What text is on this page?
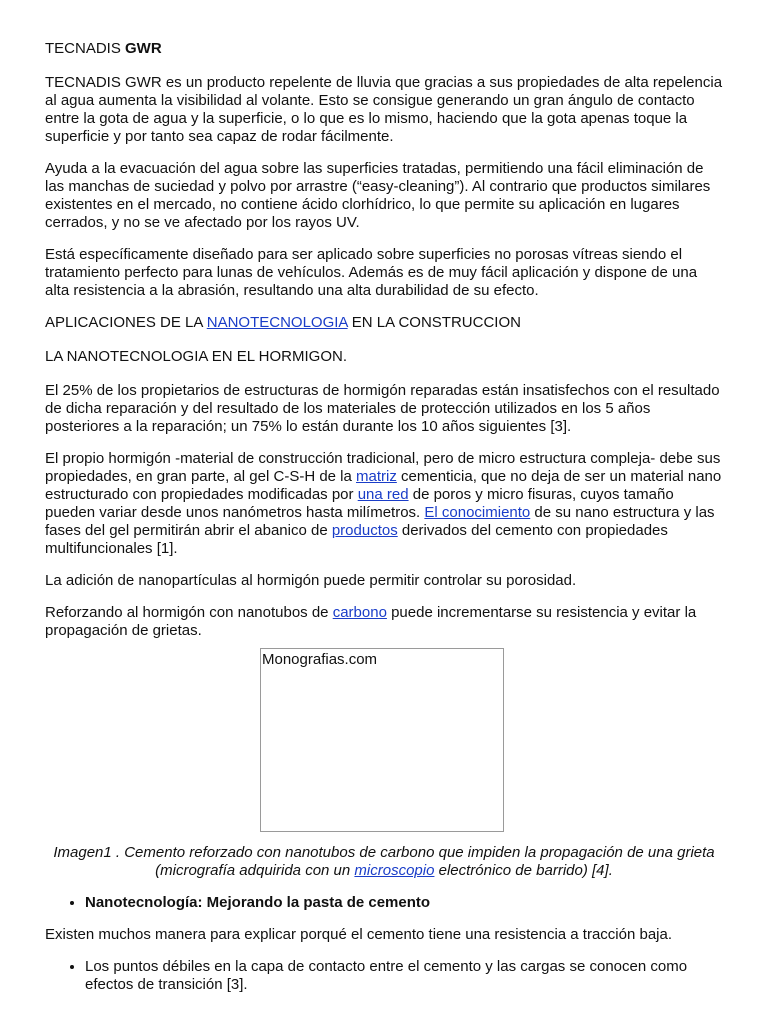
TECNADIS GWR

TECNADIS GWR es un producto repelente de lluvia que gracias a sus propiedades de alta repelencia al agua aumenta la visibilidad al volante. Esto se consigue generando un gran ángulo de contacto entre la gota de agua y la superficie, o lo que es lo mismo, haciendo que la gota apenas toque la superficie y por tanto sea capaz de rodar fácilmente.

Ayuda a la evacuación del agua sobre las superficies tratadas, permitiendo una fácil eliminación de las manchas de suciedad y polvo por arrastre (“easy-cleaning”). Al contrario que productos similares existentes en el mercado, no contiene ácido clorhídrico, lo que permite su aplicación en lugares cerrados, y no se ve afectado por los rayos UV.

Está específicamente diseñado para ser aplicado sobre superficies no porosas vítreas siendo el tratamiento perfecto para lunas de vehículos. Además es de muy fácil aplicación y dispone de una alta resistencia a la abrasión, resultando una alta durabilidad de su efecto.

APLICACIONES DE LA NANOTECNOLOGIA EN LA CONSTRUCCION

LA NANOTECNOLOGIA EN EL HORMIGON.

El 25% de los propietarios de estructuras de hormigón reparadas están insatisfechos con el resultado de dicha reparación y del resultado de los materiales de protección utilizados en los 5 años posteriores a la reparación; un 75% lo están durante los 10 años siguientes [3].

El propio hormigón -material de construcción tradicional, pero de micro estructura compleja- debe sus propiedades, en gran parte, al gel C-S-H de la matriz cementicia, que no deja de ser un material nano estructurado con propiedades modificadas por una red de poros y micro fisuras, cuyos tamaño pueden variar desde unos nanómetros hasta milímetros. El conocimiento de su nano estructura y las fases del gel permitirán abrir el abanico de productos derivados del cemento con propiedades multifuncionales [1].

La adición de nanopartículas al hormigón puede permitir controlar su porosidad.

Reforzando al hormigón con nanotubos de carbono puede incrementarse su resistencia y evitar la propagación de grietas.

Monografias.com

Imagen1 . Cemento reforzado con nanotubos de carbono que impiden la propagación de una grieta (micrografía adquirida con un microscopio electrónico de barrido) [4].

• Nanotecnología: Mejorando la pasta de cemento

Existen muchos manera para explicar porqué el cemento tiene una resistencia a tracción baja.

• Los puntos débiles en la capa de contacto entre el cemento y las cargas se conocen como efectos de transición [3].
